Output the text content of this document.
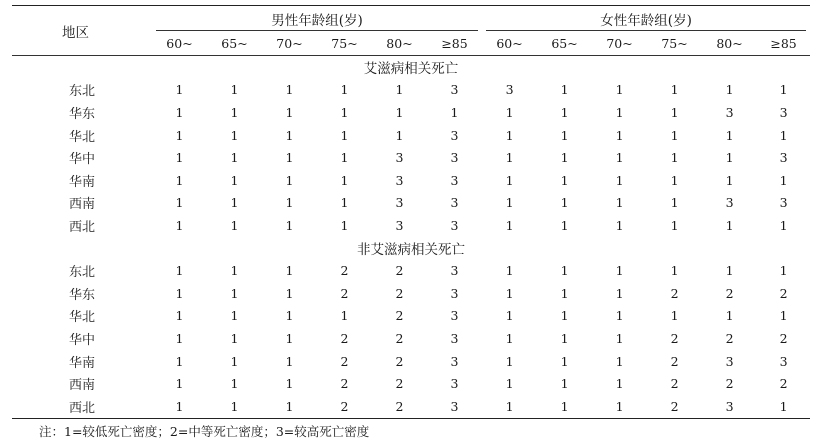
地区	男性年龄组(岁)						女性年龄组(岁)					

	60~	65~	70~	75~	80~	≥85	60~	65~	70~	75~	80~	≥85
艾滋病相关死亡												
东北	1	1	1	1	1	3	3	1	1	1	1	1
华东	1	1	1	1	1	1	1	1	1	1	3	3
华北	1	1	1	1	1	3	1	1	1	1	1	1
华中	1	1	1	1	3	3	1	1	1	1	1	3
华南	1	1	1	1	3	3	1	1	1	1	1	1
西南	1	1	1	1	3	3	1	1	1	1	3	3
西北	1	1	1	1	3	3	1	1	1	1	1	1
非艾滋病相关死亡												
东北	1	1	1	2	2	3	1	1	1	1	1	1
华东	1	1	1	2	2	3	1	1	1	2	2	2
华北	1	1	1	1	2	3	1	1	1	1	1	1
华中	1	1	1	2	2	3	1	1	1	2	2	2
华南	1	1	1	2	2	3	1	1	1	2	3	3
西南	1	1	1	2	2	3	1	1	1	2	2	2
西北	1	1	1	2	2	3	1	1	1	2	3	1
注：1=较低死亡密度；2=中等死亡密度；3=较高死亡密度
